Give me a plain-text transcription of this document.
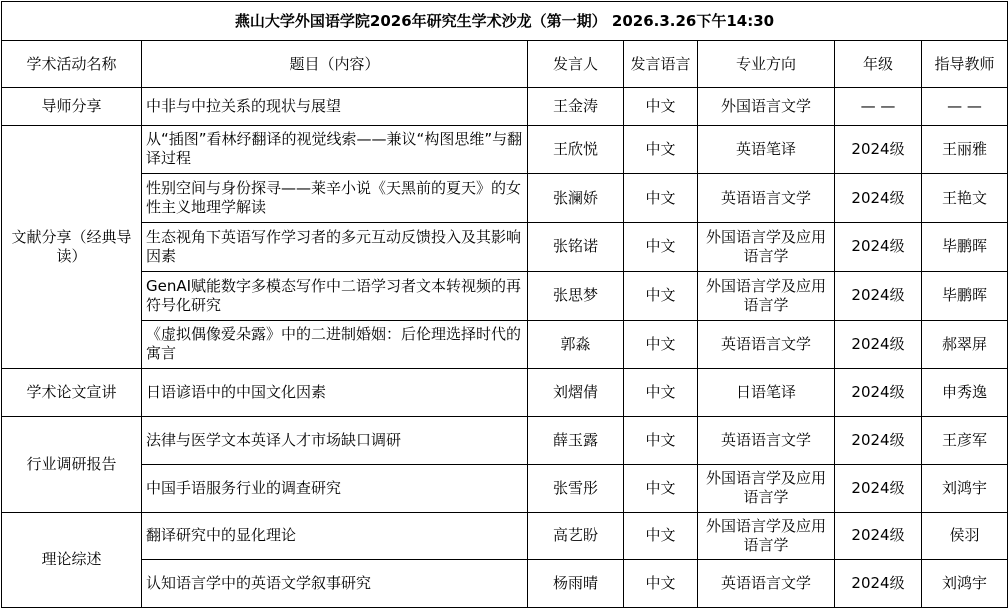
燕山大学外国语学院2026年研究生学术沙龙（第一期） 2026.3.26下午14:30						
学术活动名称	题目（内容）	发言人	发言语言	专业方向	年级	指导教师
导师分享	中非与中拉关系的现状与展望	王金涛	中文	外国语言文学	— —	— —
文献分享（经典导读）	从“插图”看林纾翻译的视觉线索——兼议“构图思维”与翻译过程	王欣悦	中文	英语笔译	2024级	王丽雅
	性别空间与身份探寻——莱辛小说《天黑前的夏天》的女性主义地理学解读	张澜娇	中文	英语语言文学	2024级	王艳文
	生态视角下英语写作学习者的多元互动反馈投入及其影响因素	张铭诺	中文	外国语言学及应用语言学	2024级	毕鹏晖
	GenAI赋能数字多模态写作中二语学习者文本转视频的再符号化研究	张思梦	中文	外国语言学及应用语言学	2024级	毕鹏晖
	《虚拟偶像爱朵露》中的二进制婚姻：后伦理选择时代的寓言	郭淼	中文	英语语言文学	2024级	郝翠屏
学术论文宣讲	日语谚语中的中国文化因素	刘熠倩	中文	日语笔译	2024级	申秀逸
行业调研报告	法律与医学文本英译人才市场缺口调研	薛玉露	中文	英语语言文学	2024级	王彦军
	中国手语服务行业的调查研究	张雪彤	中文	外国语言学及应用语言学	2024级	刘鸿宇
理论综述	翻译研究中的显化理论	高艺盼	中文	外国语言学及应用语言学	2024级	侯羽
	认知语言学中的英语文学叙事研究	杨雨晴	中文	英语语言文学	2024级	刘鸿宇
